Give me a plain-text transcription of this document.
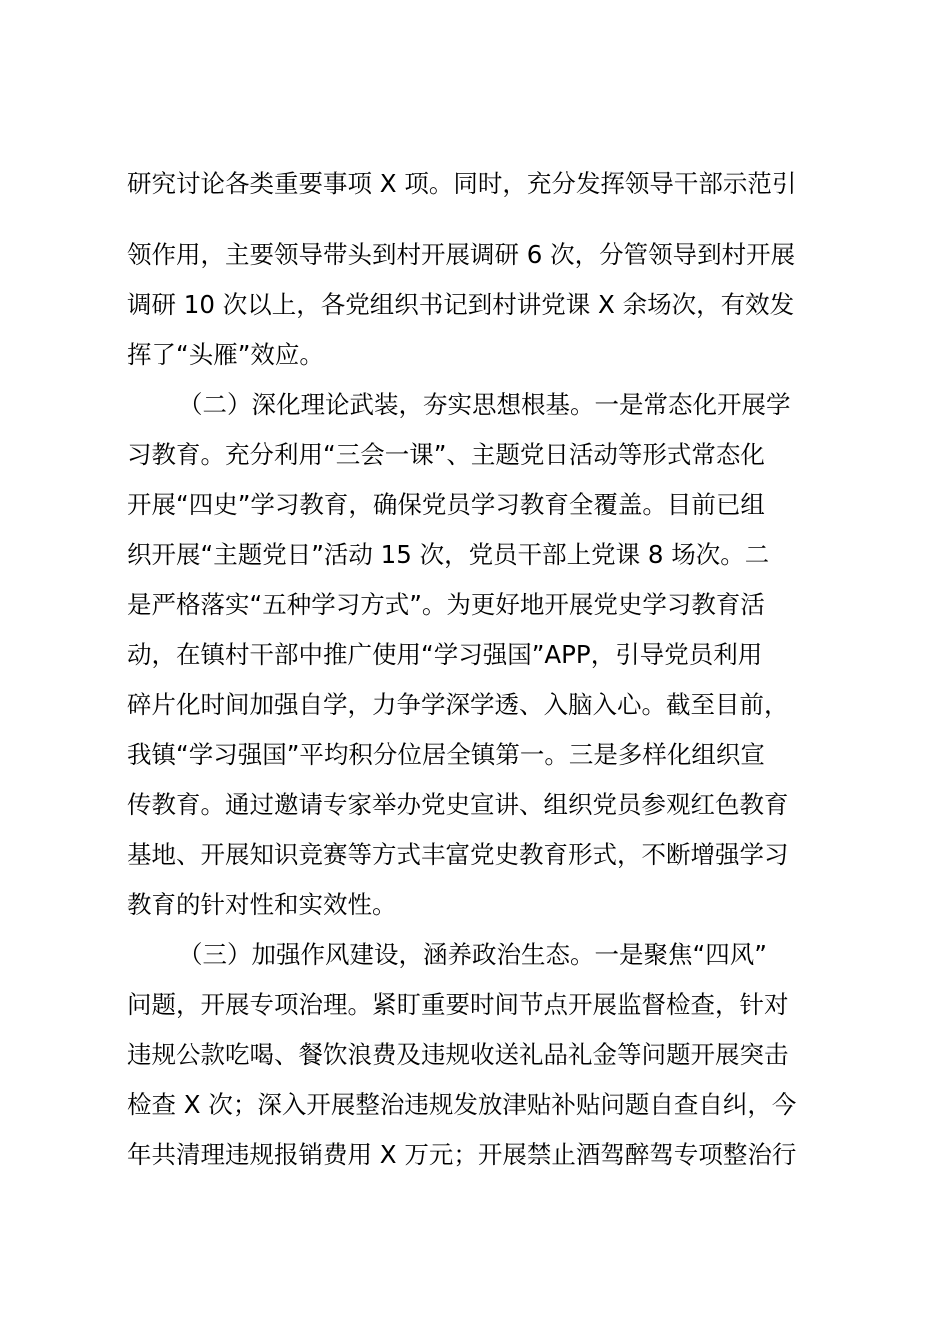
研究讨论各类重要事项 X 项。同时，充分发挥领导干部示范引
领作用，主要领导带头到村开展调研 6 次，分管领导到村开展
调研 10 次以上，各党组织书记到村讲党课 X 余场次，有效发
挥了“头雁”效应。
（二）深化理论武装，夯实思想根基。一是常态化开展学
习教育。充分利用“三会一课”、主题党日活动等形式常态化
开展“四史”学习教育，确保党员学习教育全覆盖。目前已组
织开展“主题党日”活动 15 次，党员干部上党课 8 场次。二
是严格落实“五种学习方式”。为更好地开展党史学习教育活
动，在镇村干部中推广使用“学习强国”APP，引导党员利用
碎片化时间加强自学，力争学深学透、入脑入心。截至目前，
我镇“学习强国”平均积分位居全镇第一。三是多样化组织宣
传教育。通过邀请专家举办党史宣讲、组织党员参观红色教育
基地、开展知识竞赛等方式丰富党史教育形式，不断增强学习
教育的针对性和实效性。
（三）加强作风建设，涵养政治生态。一是聚焦“四风”
问题，开展专项治理。紧盯重要时间节点开展监督检查，针对
违规公款吃喝、餐饮浪费及违规收送礼品礼金等问题开展突击
检查 X 次；深入开展整治违规发放津贴补贴问题自查自纠，今
年共清理违规报销费用 X 万元；开展禁止酒驾醉驾专项整治行
